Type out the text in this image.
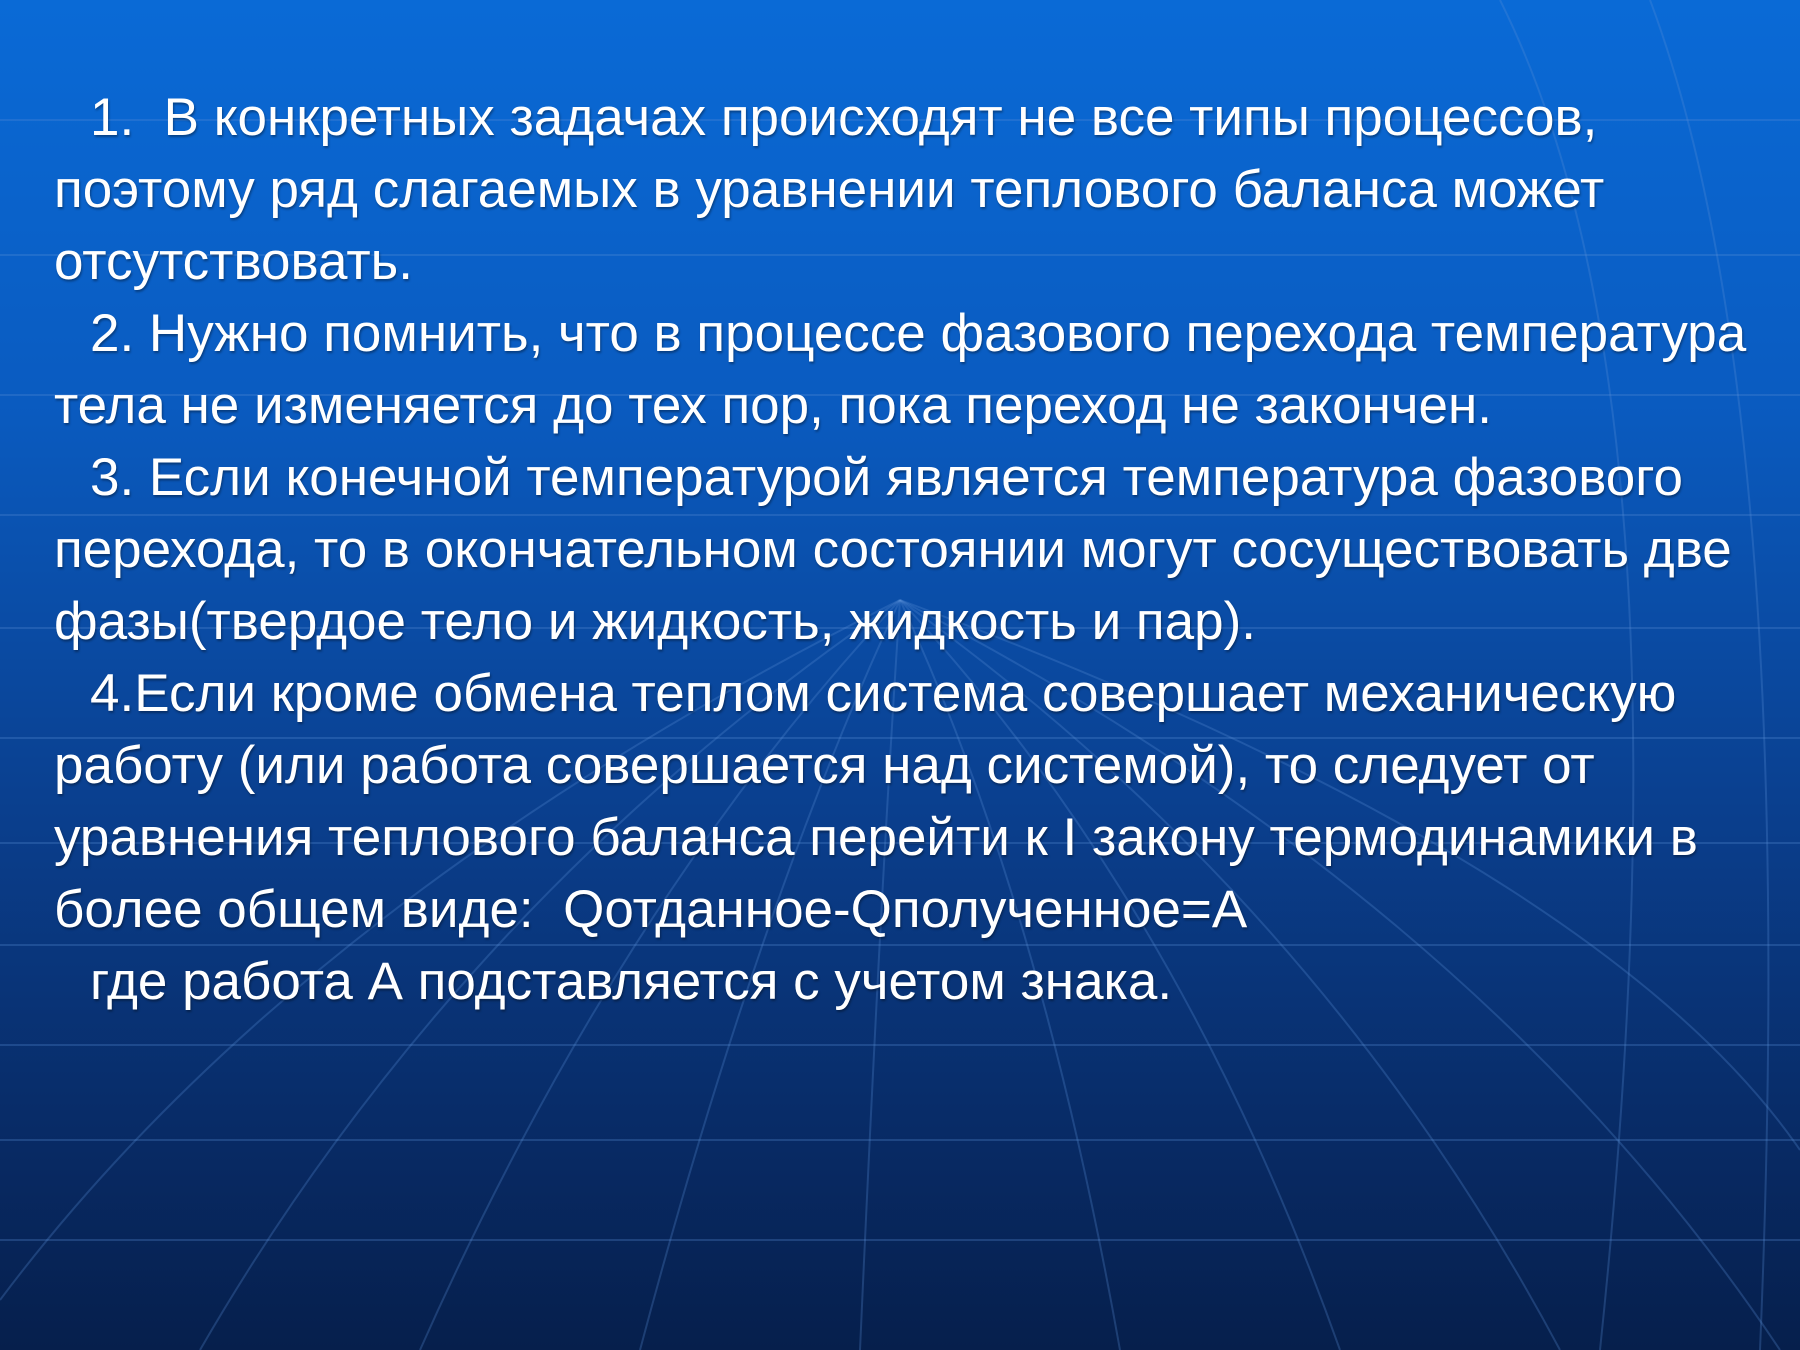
1.  В конкретных задачах происходят не все типы процессов, поэтому ряд слагаемых в уравнении теплового баланса может отсутствовать.

2. Нужно помнить, что в процессе фазового перехода температура тела не изменяется до тех пор, пока переход не закончен.

3. Если конечной температурой является температура фазового перехода, то в окончательном состоянии могут сосуществовать две фазы(твердое тело и жидкость, жидкость и пар).

4.Если кроме обмена теплом система совершает механическую работу (или работа совершается над системой), то следует от уравнения теплового баланса перейти к I закону термодинамики в более общем виде:  Qотданное-Qполученное=А

где работа А подставляется с учетом знака.
